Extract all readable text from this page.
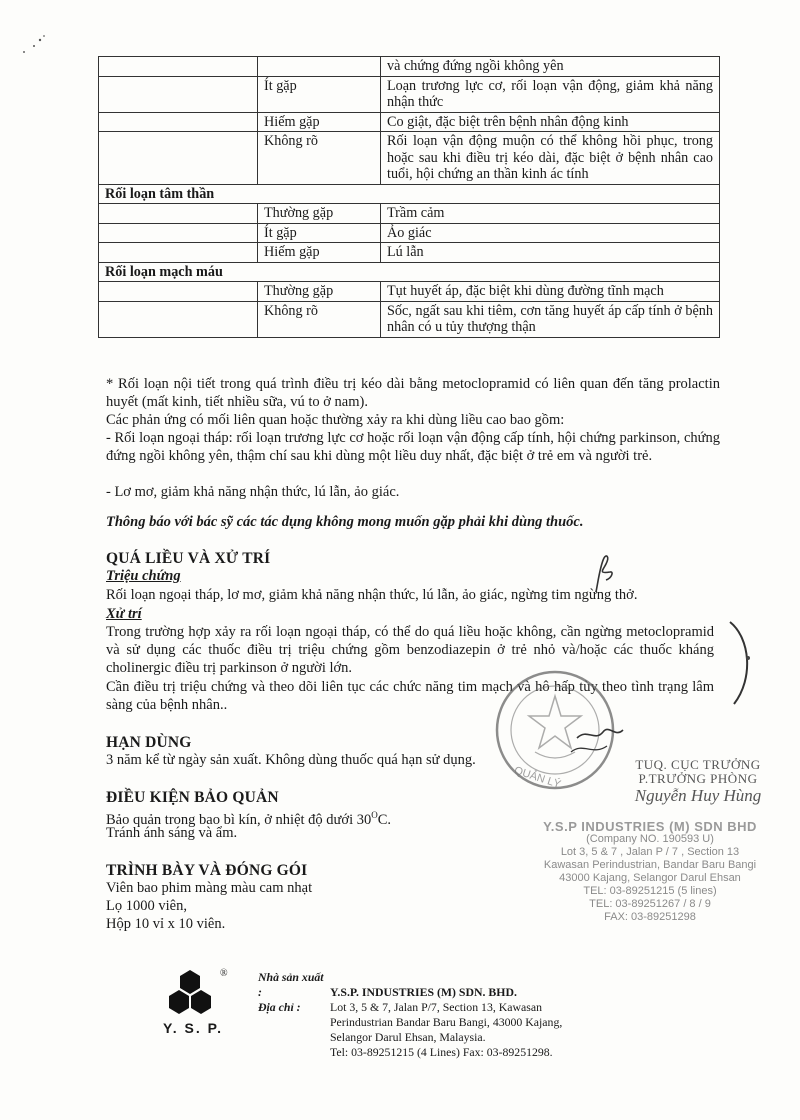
		và chứng đứng ngồi không yên
	Ít gặp	Loạn trương lực cơ, rối loạn vận động, giảm khả năng nhận thức
	Hiếm gặp	Co giật, đặc biệt trên bệnh nhân động kinh
	Không rõ	Rối loạn vận động muộn có thể không hồi phục, trong hoặc sau khi điều trị kéo dài, đặc biệt ở bệnh nhân cao tuổi, hội chứng an thần kinh ác tính
Rối loạn tâm thần		
	Thường gặp	Trầm cảm
	Ít gặp	Ảo giác
	Hiếm gặp	Lú lẫn
Rối loạn mạch máu		
	Thường gặp	Tụt huyết áp, đặc biệt khi dùng đường tĩnh mạch
	Không rõ	Sốc, ngất sau khi tiêm, cơn tăng huyết áp cấp tính ở bệnh nhân có u tủy thượng thận
* Rối loạn nội tiết trong quá trình điều trị kéo dài bằng metoclopramid có liên quan đến tăng prolactin huyết (mất kinh, tiết nhiều sữa, vú to ở nam).
Các phản ứng có mối liên quan hoặc thường xảy ra khi dùng liều cao bao gồm:
- Rối loạn ngoại tháp: rối loạn trương lực cơ hoặc rối loạn vận động cấp tính, hội chứng parkinson, chứng đứng ngồi không yên, thậm chí sau khi dùng một liều duy nhất, đặc biệt ở trẻ em và người trẻ.
- Lơ mơ, giảm khả năng nhận thức, lú lẫn, ảo giác.
Thông báo với bác sỹ các tác dụng không mong muốn gặp phải khi dùng thuốc.
QUÁ LIỀU VÀ XỬ TRÍ
Triệu chứng
Rối loạn ngoại tháp, lơ mơ, giảm khả năng nhận thức, lú lẫn, ảo giác, ngừng tim ngừng thở.
Xử trí
Trong trường hợp xảy ra rối loạn ngoại tháp, có thể do quá liều hoặc không, cần ngừng metoclopramid và sử dụng các thuốc điều trị triệu chứng gồm benzodiazepin ở trẻ nhỏ và/hoặc các thuốc kháng cholinergic điều trị parkinson ở người lớn.
Cần điều trị triệu chứng và theo dõi liên tục các chức năng tim mạch và hô hấp tùy theo tình trạng lâm sàng của bệnh nhân..
HẠN DÙNG
3 năm kể từ ngày sản xuất. Không dùng thuốc quá hạn sử dụng.
ĐIỀU KIỆN BẢO QUẢN
Bảo quản trong bao bì kín, ở nhiệt độ dưới $30^OC$.
Tránh ánh sáng và ẩm.
TRÌNH BÀY VÀ ĐÓNG GÓI
Viên bao phim màng màu cam nhạt
Lọ 1000 viên,
Hộp 10 vỉ x 10 viên.
QUẢN LÝ
TUQ. CỤC TRƯỞNG
P.TRƯỞNG PHÒNG
Nguyễn Huy Hùng
Y.S.P INDUSTRIES (M) SDN BHD
(Company NO. 190593 U)
Lot 3, 5 & 7 , Jalan P / 7 , Section 13
Kawasan Perindustrian, Bandar Baru Bangi
43000 Kajang, Selangor Darul Ehsan
TEL: 03-89251215 (5 lines)
TEL: 03-89251267 / 8 / 9
FAX: 03-89251298
®
Y. S. P.
Nhà sản xuất :	Y.S.P. INDUSTRIES (M) SDN. BHD.
Địa chỉ : Lot 3, 5 & 7, Jalan P/7, Section 13, Kawasan
Perindustrian Bandar Baru Bangi, 43000 Kajang,
Selangor Darul Ehsan, Malaysia.
Tel: 03-89251215 (4 Lines) Fax: 03-89251298.
